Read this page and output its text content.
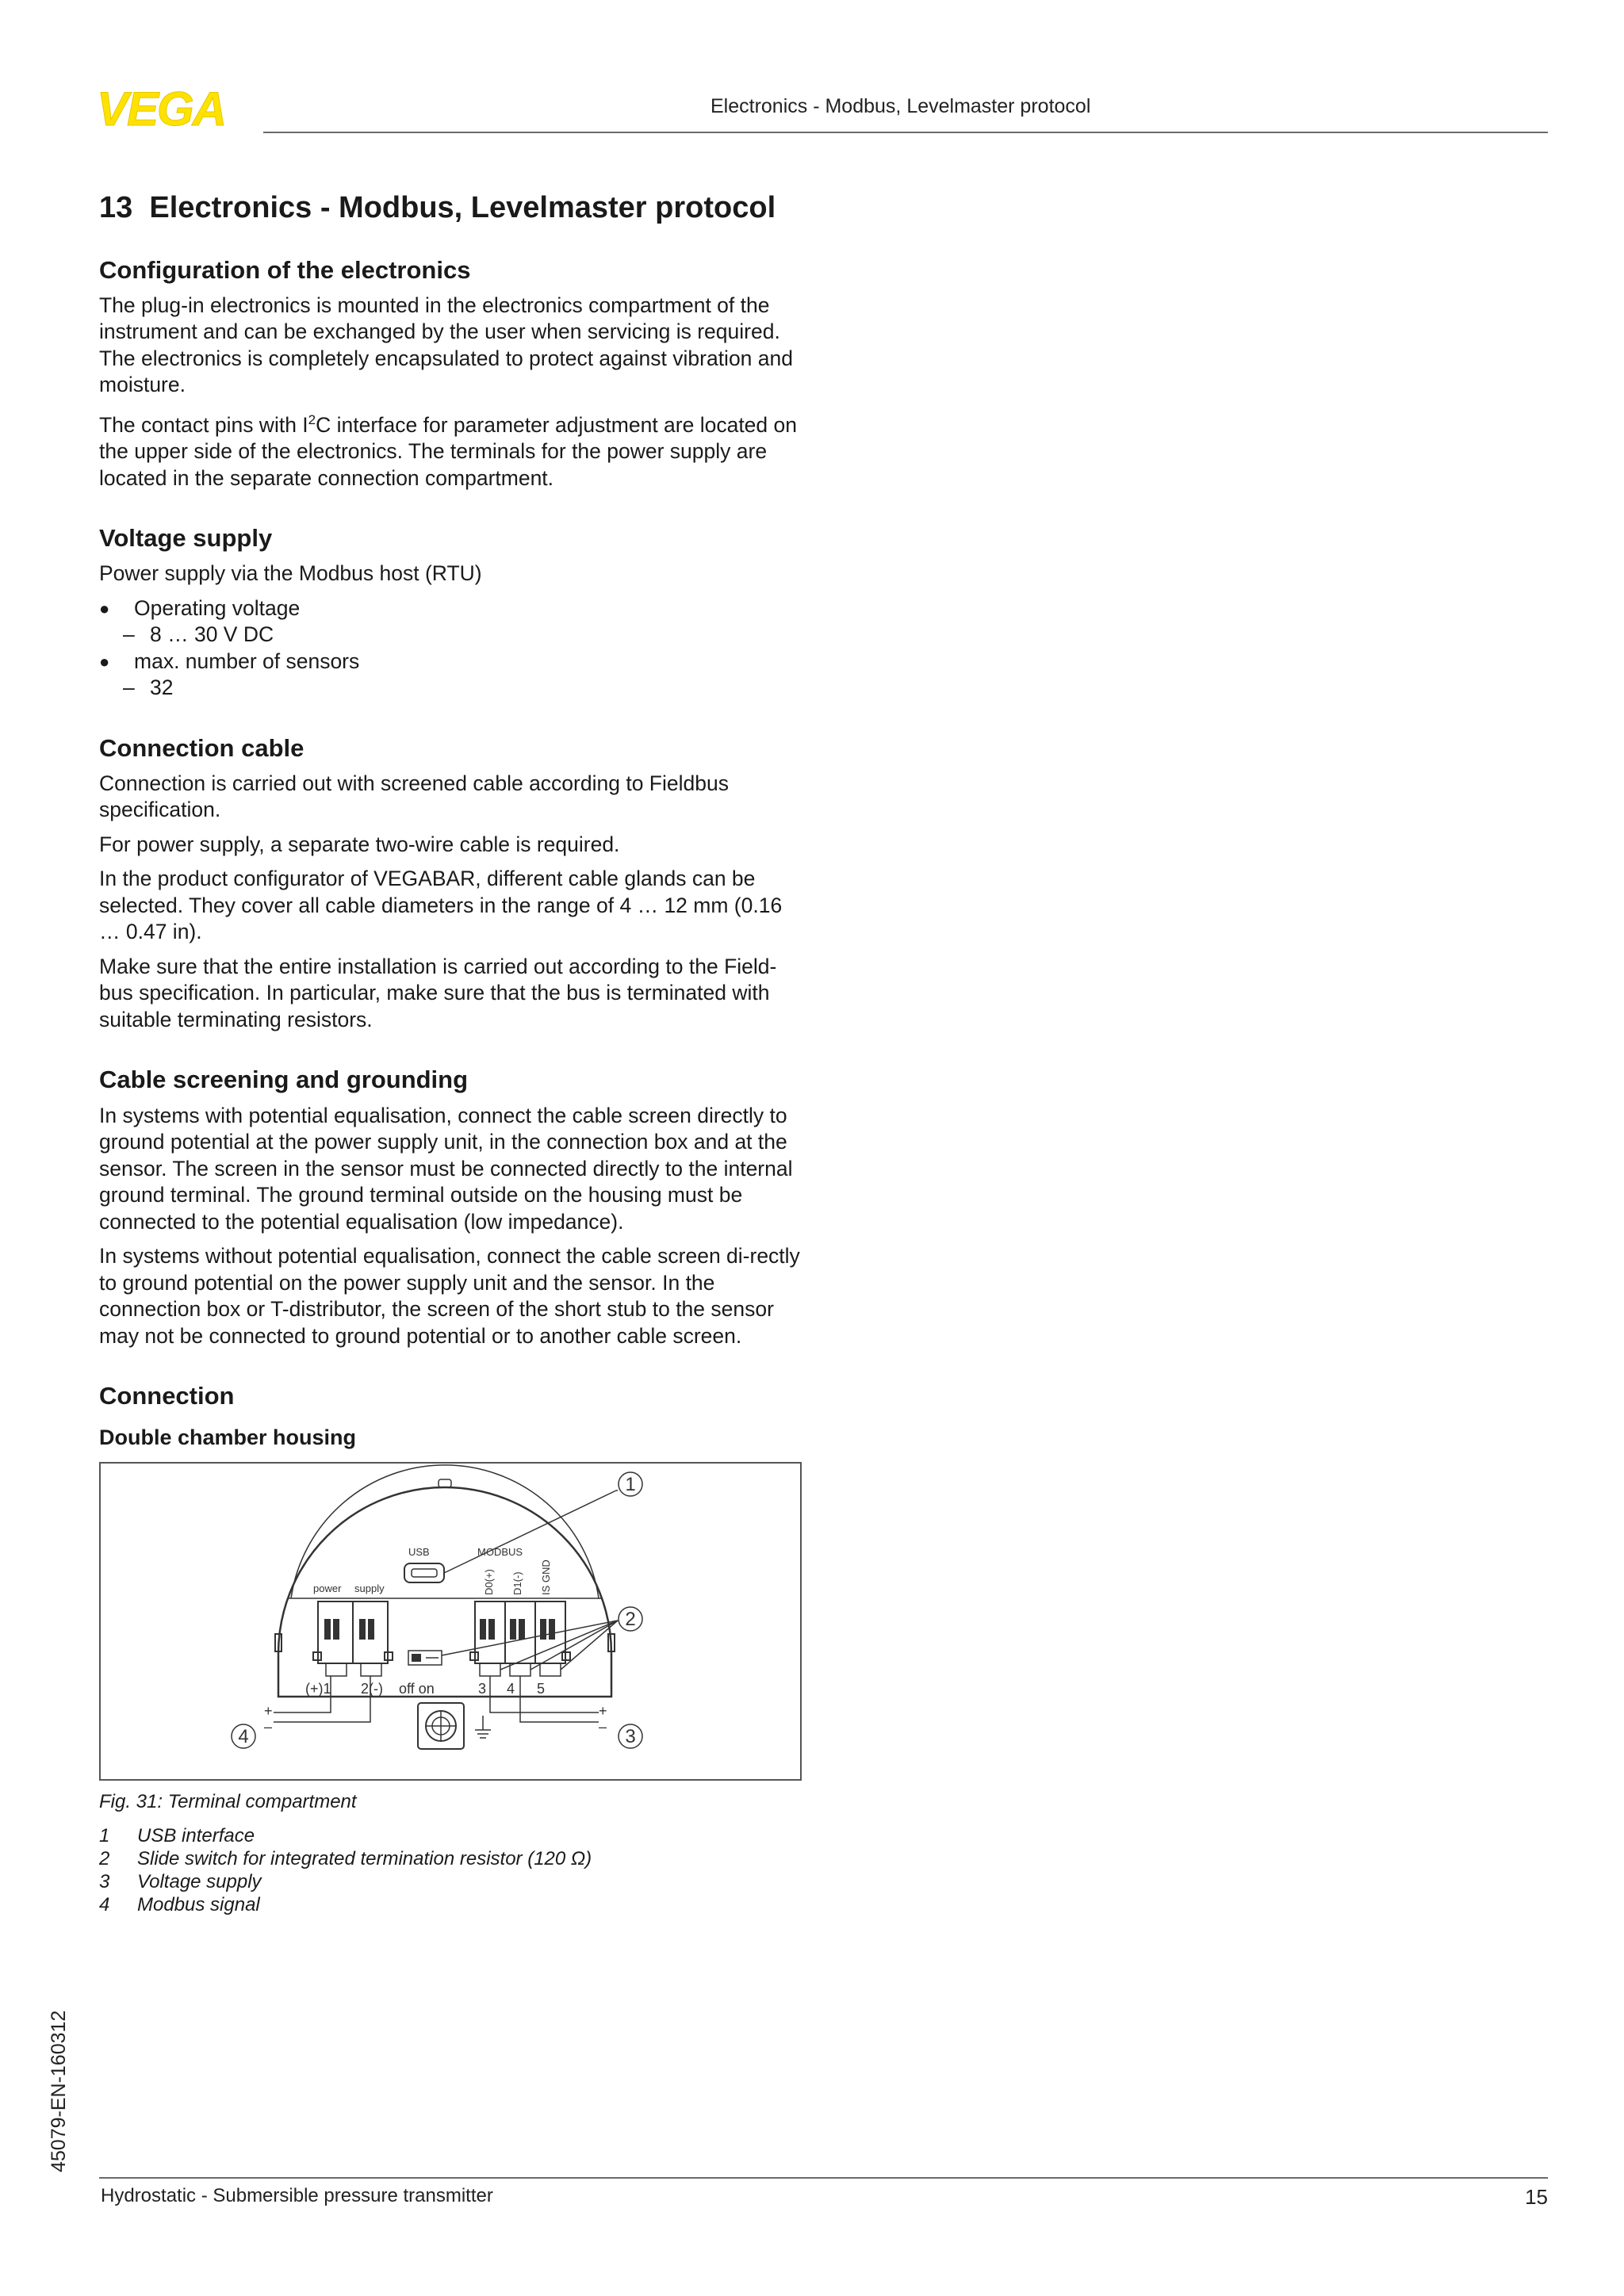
VEGA	Electronics - Modbus, Levelmaster protocol
13 Electronics - Modbus, Levelmaster protocol
Configuration of the electronics

The plug-in electronics is mounted in the electronics compartment of the instrument and can be exchanged by the user when servicing is required. The electronics is completely encapsulated to protect against vibration and moisture.

The contact pins with $I^2C$ interface for parameter adjustment are located on the upper side of the electronics. The terminals for the power supply are located in the separate connection compartment.

Voltage supply

Power supply via the Modbus host (RTU)

● Operating voltage
– 8 … 30 V DC
● max. number of sensors
– 32
Connection cable

Connection is carried out with screened cable according to Fieldbus specification.

For power supply, a separate two-wire cable is required.

In the product configurator of VEGABAR, different cable glands can be selected. They cover all cable diameters in the range of 4 … 12 mm (0.16 … 0.47 in).

Make sure that the entire installation is carried out according to the Field-bus specification. In particular, make sure that the bus is terminated with suitable terminating resistors.

Cable screening and grounding

In systems with potential equalisation, connect the cable screen directly to ground potential at the power supply unit, in the connection box and at the sensor. The screen in the sensor must be connected directly to the internal ground terminal. The ground terminal outside on the housing must be connected to the potential equalisation (low impedance).

In systems without potential equalisation, connect the cable screen di-rectly to ground potential on the power supply unit and the sensor. In the connection box or T-distributor, the screen of the short stub to the sensor may not be connected to ground potential or to another cable screen.

Connection
Double chamber housing
USB	MODBUS
D0(+) D1(-) IS GND
power supply
(+)1 2(-) off on	3 4 5
+
–
+
–
1
2
3
4

Fig. 31: Terminal compartment

1	USB interface
2	Slide switch for integrated termination resistor (120 Ω)
3	Voltage supply
4	Modbus signal
45079-EN-160312
Hydrostatic - Submersible pressure transmitter	15
